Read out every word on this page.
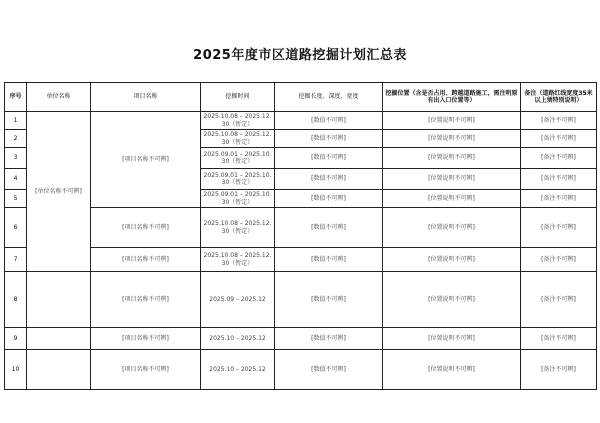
2025年度市区道路挖掘计划汇总表
序号	单位名称	项目名称	挖掘时间	挖掘长度、深度、宽度	挖掘位置（含是否占用、跨越道路施工，需注明原有出入口位置等）	备注（道路红线宽度35米以上须特别说明）
1	[单位名称不可辨]	[项目名称不可辨]	2025.10.08 – 2025.12.30（暂定）	[数值不可辨]	[位置说明不可辨]	[备注不可辨]
2			2025.10.08 – 2025.12.30（暂定）	[数值不可辨]	[位置说明不可辨]	[备注不可辨]
3			2025.09.01 – 2025.10.30（暂定）	[数值不可辨]	[位置说明不可辨]	[备注不可辨]
4			2025.09.01 – 2025.10.30（暂定）	[数值不可辨]	[位置说明不可辨]	[备注不可辨]
5			2025.09.01 – 2025.10.30（暂定）	[数值不可辨]	[位置说明不可辨]	[备注不可辨]
6		[项目名称不可辨]	2025.10.08 – 2025.12.30（暂定）	[数值不可辨]	[位置说明不可辨]	[备注不可辨]
7		[项目名称不可辨]	2025.10.08 – 2025.12.30（暂定）	[数值不可辨]	[位置说明不可辨]	[备注不可辨]
8		[项目名称不可辨]	2025.09 – 2025.12	[数值不可辨]	[位置说明不可辨]	[备注不可辨]
9		[项目名称不可辨]	2025.10 – 2025.12	[数值不可辨]	[位置说明不可辨]	[备注不可辨]
10		[项目名称不可辨]	2025.10 – 2025.12	[数值不可辨]	[位置说明不可辨]	[备注不可辨]
